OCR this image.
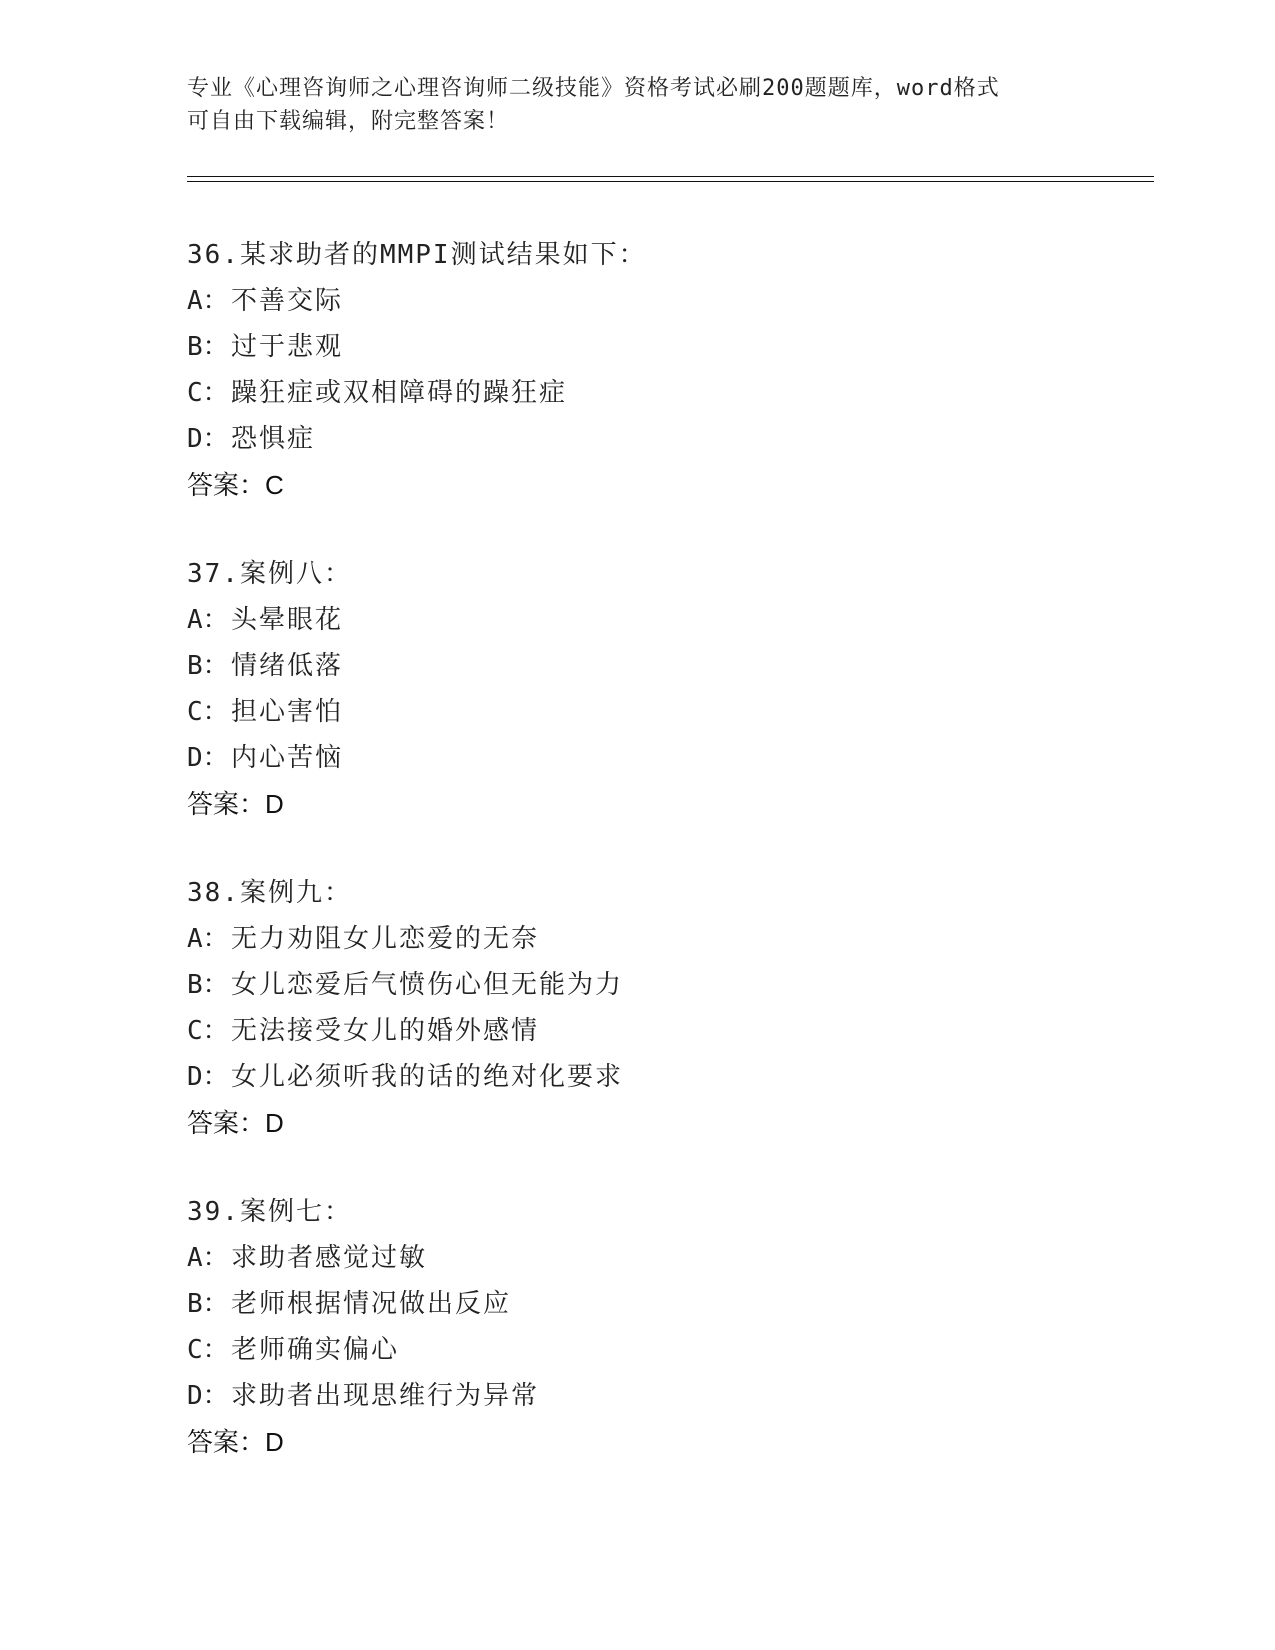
专业《心理咨询师之心理咨询师二级技能》资格考试必刷200题题库，word格式
可自由下载编辑，附完整答案！
36.某求助者的MMPI测试结果如下：
A：不善交际
B：过于悲观
C：躁狂症或双相障碍的躁狂症
D：恐惧症
答案：C
37.案例八：
A：头晕眼花
B：情绪低落
C：担心害怕
D：内心苦恼
答案：D
38.案例九：
A：无力劝阻女儿恋爱的无奈
B：女儿恋爱后气愤伤心但无能为力
C：无法接受女儿的婚外感情
D：女儿必须听我的话的绝对化要求
答案：D
39.案例七：
A：求助者感觉过敏
B：老师根据情况做出反应
C：老师确实偏心
D：求助者出现思维行为异常
答案：D
